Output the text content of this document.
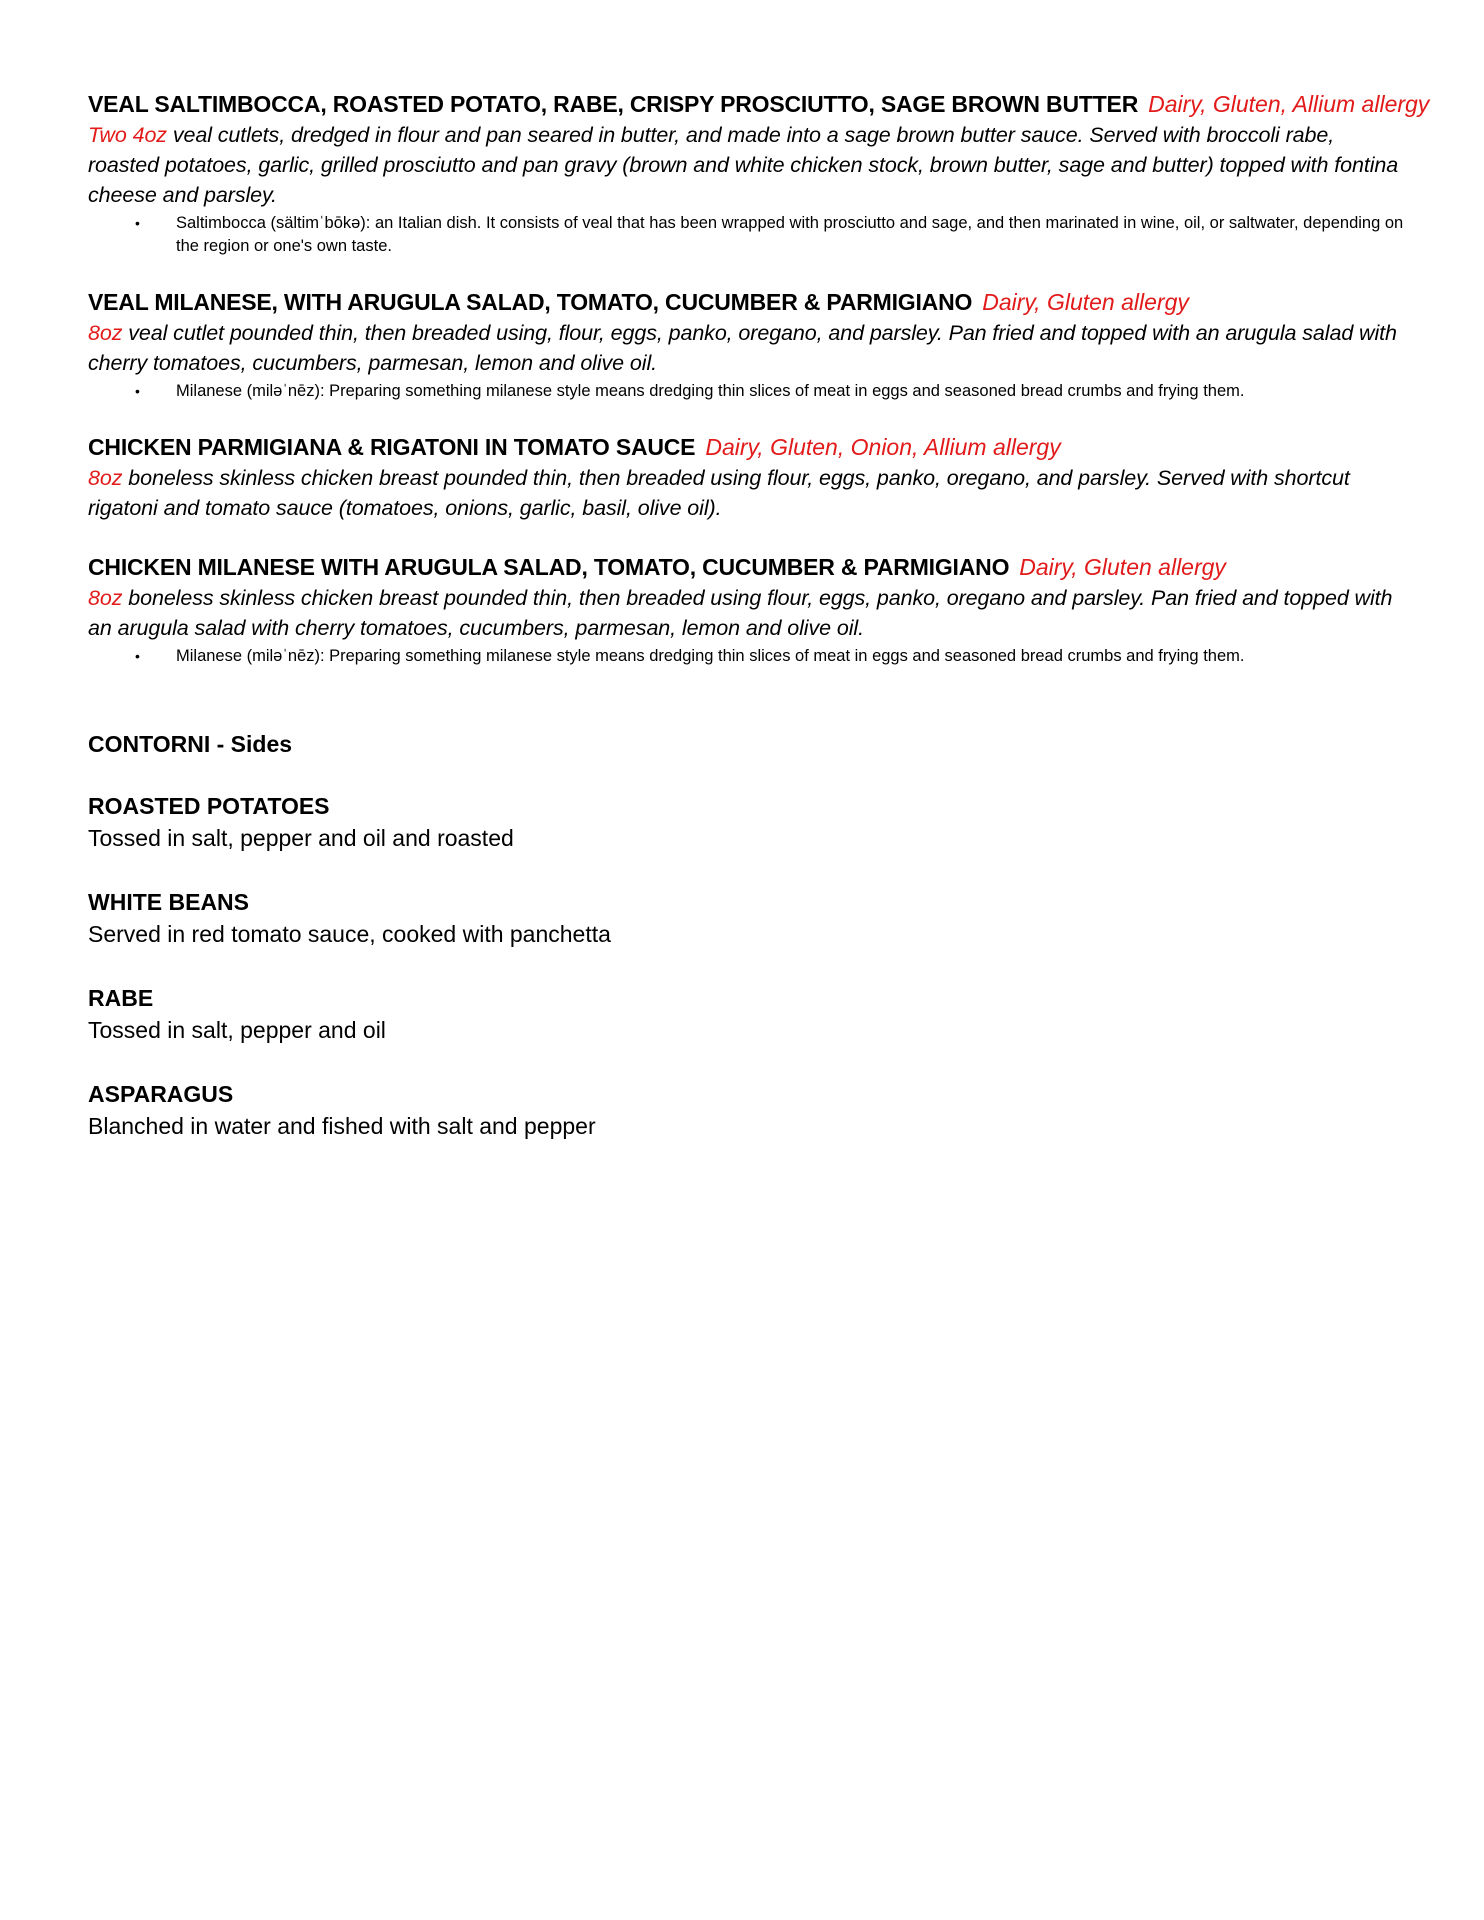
VEAL SALTIMBOCCA, ROASTED POTATO, RABE, CRISPY PROSCIUTTO, SAGE BROWN BUTTER Dairy, Gluten, Allium allergy
Two 4oz veal cutlets, dredged in flour and pan seared in butter, and made into a sage brown butter sauce. Served with broccoli rabe, roasted potatoes, garlic, grilled prosciutto and pan gravy (brown and white chicken stock, brown butter, sage and butter) topped with fontina cheese and parsley.
• Saltimbocca (sältimˈbōkə): an Italian dish. It consists of veal that has been wrapped with prosciutto and sage, and then marinated in wine, oil, or saltwater, depending on the region or one's own taste.
VEAL MILANESE, WITH ARUGULA SALAD, TOMATO, CUCUMBER & PARMIGIANO Dairy, Gluten allergy
8oz veal cutlet pounded thin, then breaded using, flour, eggs, panko, oregano, and parsley. Pan fried and topped with an arugula salad with cherry tomatoes, cucumbers, parmesan, lemon and olive oil.
• Milanese (miləˈnēz): Preparing something milanese style means dredging thin slices of meat in eggs and seasoned bread crumbs and frying them.
CHICKEN PARMIGIANA & RIGATONI IN TOMATO SAUCE Dairy, Gluten, Onion, Allium allergy
8oz boneless skinless chicken breast pounded thin, then breaded using flour, eggs, panko, oregano, and parsley. Served with shortcut rigatoni and tomato sauce (tomatoes, onions, garlic, basil, olive oil).
CHICKEN MILANESE WITH ARUGULA SALAD, TOMATO, CUCUMBER & PARMIGIANO Dairy, Gluten allergy
8oz boneless skinless chicken breast pounded thin, then breaded using flour, eggs, panko, oregano and parsley. Pan fried and topped with an arugula salad with cherry tomatoes, cucumbers, parmesan, lemon and olive oil.
• Milanese (miləˈnēz): Preparing something milanese style means dredging thin slices of meat in eggs and seasoned bread crumbs and frying them.
CONTORNI - Sides
ROASTED POTATOES
Tossed in salt, pepper and oil and roasted
WHITE BEANS
Served in red tomato sauce, cooked with panchetta
RABE
Tossed in salt, pepper and oil
ASPARAGUS
Blanched in water and fished with salt and pepper
